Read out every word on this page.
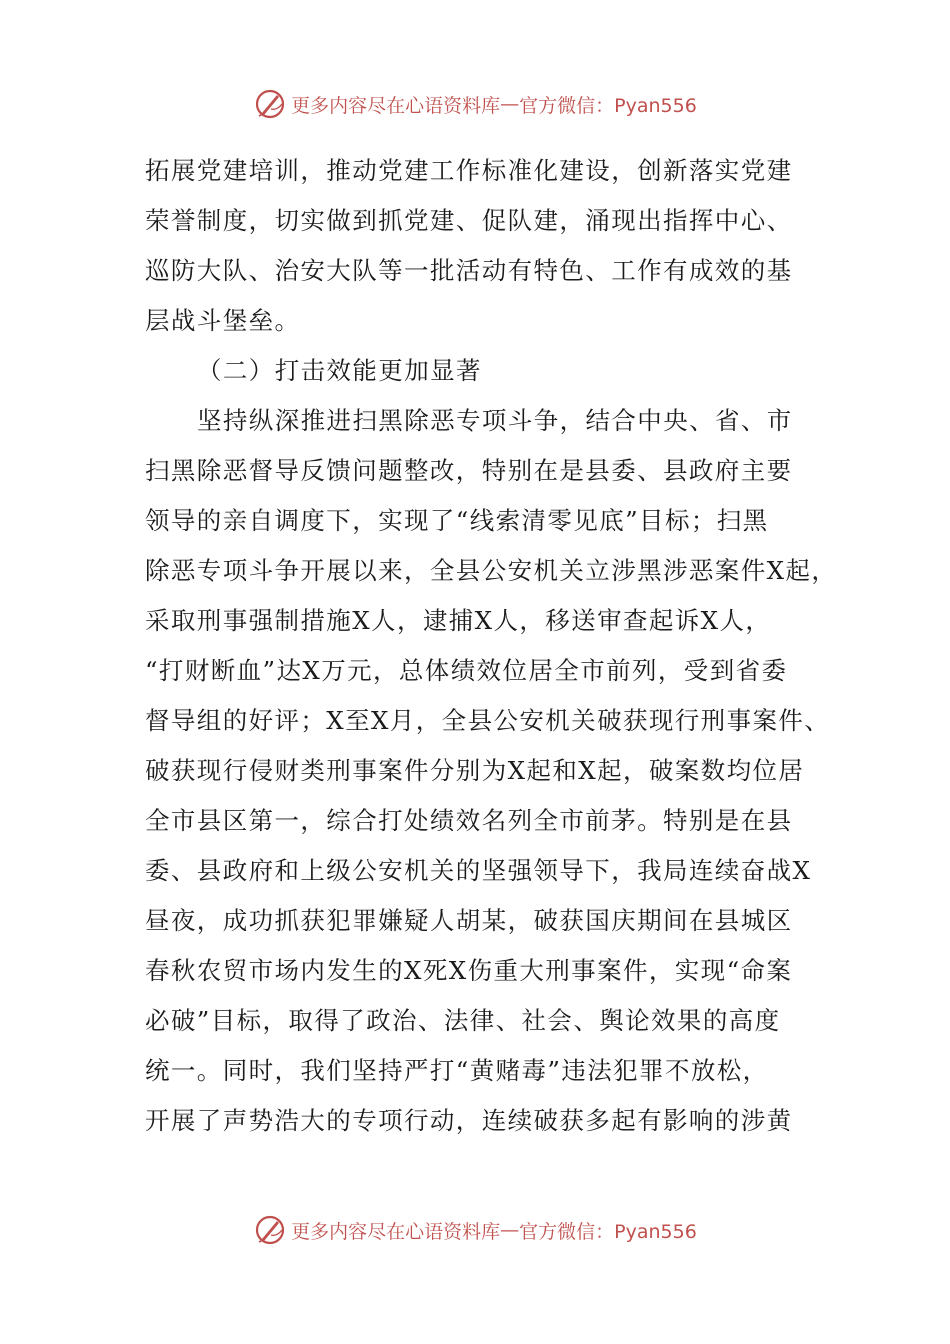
更多内容尽在心语资料库 — 官方微信：Pyan556
拓展党建培训，推动党建工作标准化建设，创新落实党建
荣誉制度，切实做到抓党建、促队建，涌现出指挥中心、
巡防大队、治安大队等一批活动有特色、工作有成效的基
层战斗堡垒。
（二）打击效能更加显著
坚持纵深推进扫黑除恶专项斗争，结合中央、省、市
扫黑除恶督导反馈问题整改，特别在是县委、县政府主要
领导的亲自调度下，实现了“线索清零见底”目标；扫黑
除恶专项斗争开展以来，全县公安机关立涉黑涉恶案件X起，
采取刑事强制措施X人，逮捕X人，移送审查起诉X人，
“打财断血”达X万元，总体绩效位居全市前列，受到省委
督导组的好评；X至X月，全县公安机关破获现行刑事案件、
破获现行侵财类刑事案件分别为X起和X起，破案数均位居
全市县区第一，综合打处绩效名列全市前茅。特别是在县
委、县政府和上级公安机关的坚强领导下，我局连续奋战X
昼夜，成功抓获犯罪嫌疑人胡某，破获国庆期间在县城区
春秋农贸市场内发生的X死X伤重大刑事案件，实现“命案
必破”目标，取得了政治、法律、社会、舆论效果的高度
统一。同时，我们坚持严打“黄赌毒”违法犯罪不放松，
开展了声势浩大的专项行动，连续破获多起有影响的涉黄
更多内容尽在心语资料库 — 官方微信：Pyan556
